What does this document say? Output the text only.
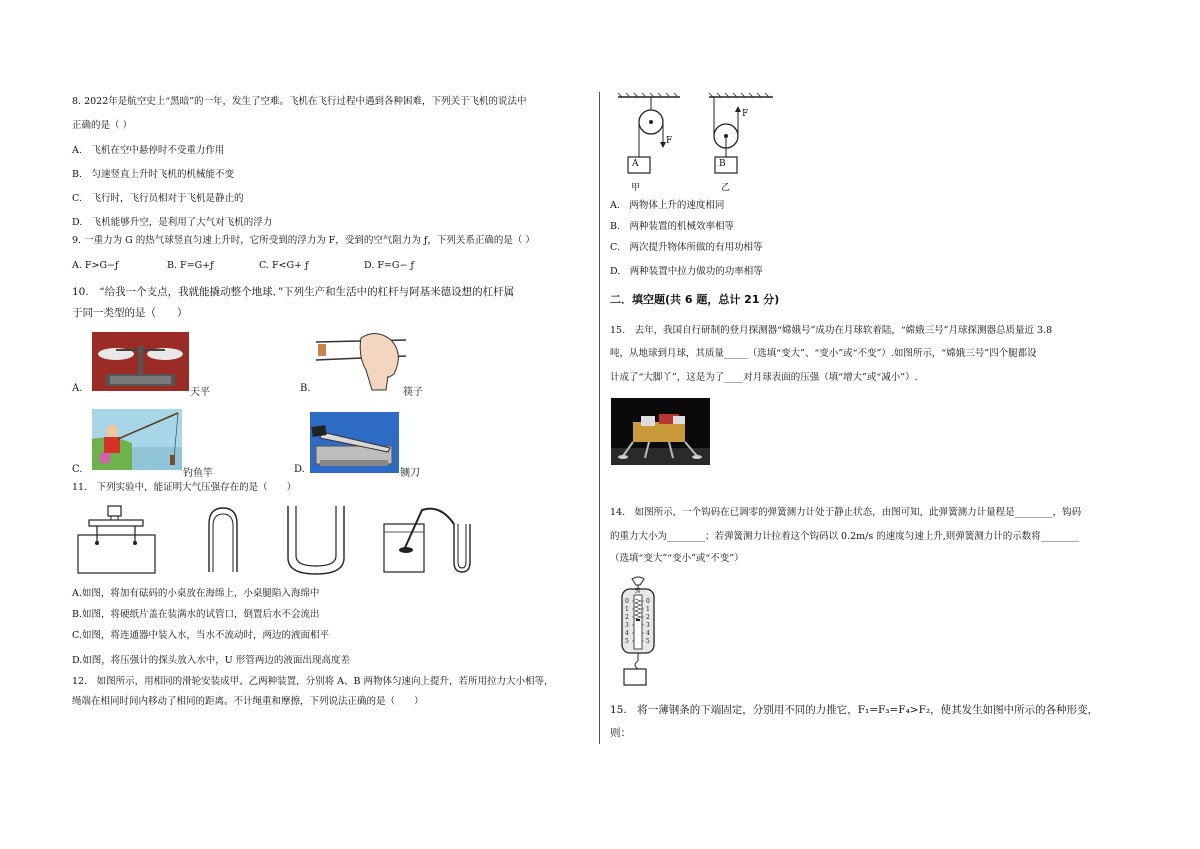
8. 2022年是航空史上“黑暗”的一年，发生了空难。飞机在飞行过程中遇到各种困难，下列关于飞机的说法中
正确的是（ ）
A.　飞机在空中悬停时不受重力作用
B.　匀速竖直上升时飞机的机械能不变
C.　飞行时，飞行员相对于飞机是静止的
D.　飞机能够升空，是利用了大气对飞机的浮力
9. 一重力为 G 的热气球竖直匀速上升时，它所受到的浮力为 F，受到的空气阻力为 ƒ，下列关系正确的是（ ）
A. F>G−ƒ	B. F=G+ƒ	C. F<G+ ƒ	D. F=G− ƒ
10.　“给我一个支点，我就能撬动整个地球．”下列生产和生活中的杠杆与阿基米德设想的杠杆属
于同一类型的是（　　）
A.	天平	B.	筷子
C.	钓鱼竿	D.	铡刀
11.　下列实验中，能证明大气压强存在的是（　　）
A.如图，将加有砝码的小桌放在海绵上，小桌腿陷入海绵中
B.如图，将硬纸片盖在装满水的试管口，倒置后水不会流出
C.如图，将连通器中装入水，当水不流动时，两边的液面相平
D.如图，将压强计的探头放入水中，U 形管两边的液面出现高度差
12.　如图所示，用相同的滑轮安装成甲、乙两种装置，分别将 A、B 两物体匀速向上提升，若所用拉力大小相等，
绳端在相同时间内移动了相同的距离。不计绳重和摩擦，下列说法正确的是（　　）
A	B
F
F
甲	乙
A.　两物体上升的速度相同
B.　两种装置的机械效率相等
C.　两次提升物体所做的有用功相等
D.　两种装置中拉力做功的功率相等
二．填空题(共 6 题，总计 21 分)
15.　去年，我国自行研制的登月探测器“嫦娥号”成功在月球软着陆，“嫦娥三号”月球探测器总质量近 3.8
吨，从地球到月球，其质量_____（选填“变大”、“变小”或“不变”）.如图所示，“嫦娥三号”四个腿都设
计成了“大脚丫”，这是为了____对月球表面的压强（填“增大”或“减小”）.
14.　如图所示，一个钩码在已调零的弹簧测力计处于静止状态，由图可知，此弹簧测力计量程是________，钩码
的重力大小为________；若弹簧测力计拉着这个钩码以 0.2m/s 的速度匀速上升,则弹簧测力计的示数将________
（选填“变大”“变小”或“不变”）
N
0
1
2
3
4
5
0
1
2
3
4
5
15.　将一薄钢条的下端固定，分别用不同的力推它，F₁=F₃=F₄>F₂，使其发生如图中所示的各种形变，
则：
